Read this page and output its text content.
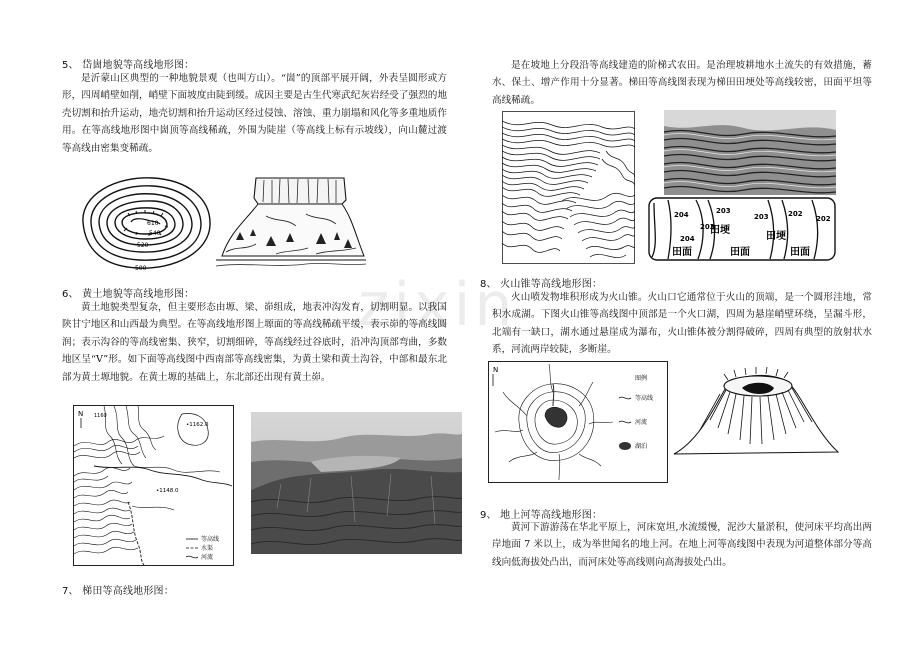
5、 岱崮地貌等高线地形图：

是沂蒙山区典型的一种地貌景观（也叫方山）。“崮”的顶部平展开阔，外表呈圆形或方形，四周峭壁如削，峭壁下面坡度由陡到缓。成因主要是古生代寒武纪灰岩经受了强烈的地壳切割和抬升运动，地壳切割和抬升运动区经过侵蚀、溶蚀、重力崩塌和风化等多重地质作用。在等高线地形图中崮顶等高线稀疏，外围为陡崖（等高线上标有示坡线），向山麓过渡等高线由密集变稀疏。

610
540
520
500
6、 黄土地貌等高线地形图：

黄土地貌类型复杂，但主要形态由塬、梁、峁组成，地表冲沟发育，切割明显。以我国陕甘宁地区和山西最为典型。在等高线地形图上塬面的等高线稀疏平缓，表示峁的等高线圆润；表示沟谷的等高线密集、狭窄，切割细碎，等高线经过谷底时，沿冲沟顶部弯曲，多数地区呈“V”形。如下面等高线图中西南部等高线密集，为黄土梁和黄土沟谷，中部和最东北部为黄土塬地貌。在黄土塬的基础上，东北部还出现有黄土峁。

N 1160
•1162.0
•1148.0
等高线
水渠
河流
7、 梯田等高线地形图：

是在坡地上分段沿等高线建造的阶梯式农田。是治理坡耕地水土流失的有效措施，蓄水、保土、增产作用十分显著。梯田等高线图表现为梯田田埂处等高线较密，田面平坦等高线稀疏。

204	203
203	202
202
204
203
田埂
田埂
田面	田面	田面
8、 火山锥等高线地形图：

火山喷发物堆积形成为火山锥。火山口它通常位于火山的顶端，是一个圆形洼地，常积水成湖。下图火山锥等高线图中顶部是一个火口湖，四周为悬崖峭壁环绕，呈漏斗形，北端有一缺口，湖水通过悬崖成为瀑布，火山锥体被分割得破碎，四周有典型的放射状水系，河流两岸较陡，多断崖。

N
图例
等高线
河流
湖泊
9、 地上河等高线地形图：

黄河下游游荡在华北平原上，河床宽坦,水流缓慢，泥沙大量淤积，使河床平均高出两岸地面 7 米以上，成为举世闻名的地上河。在地上河等高线图中表现为河道整体部分等高线向低海拔处凸出，而河床处等高线则向高海拔处凸出。

zixin
